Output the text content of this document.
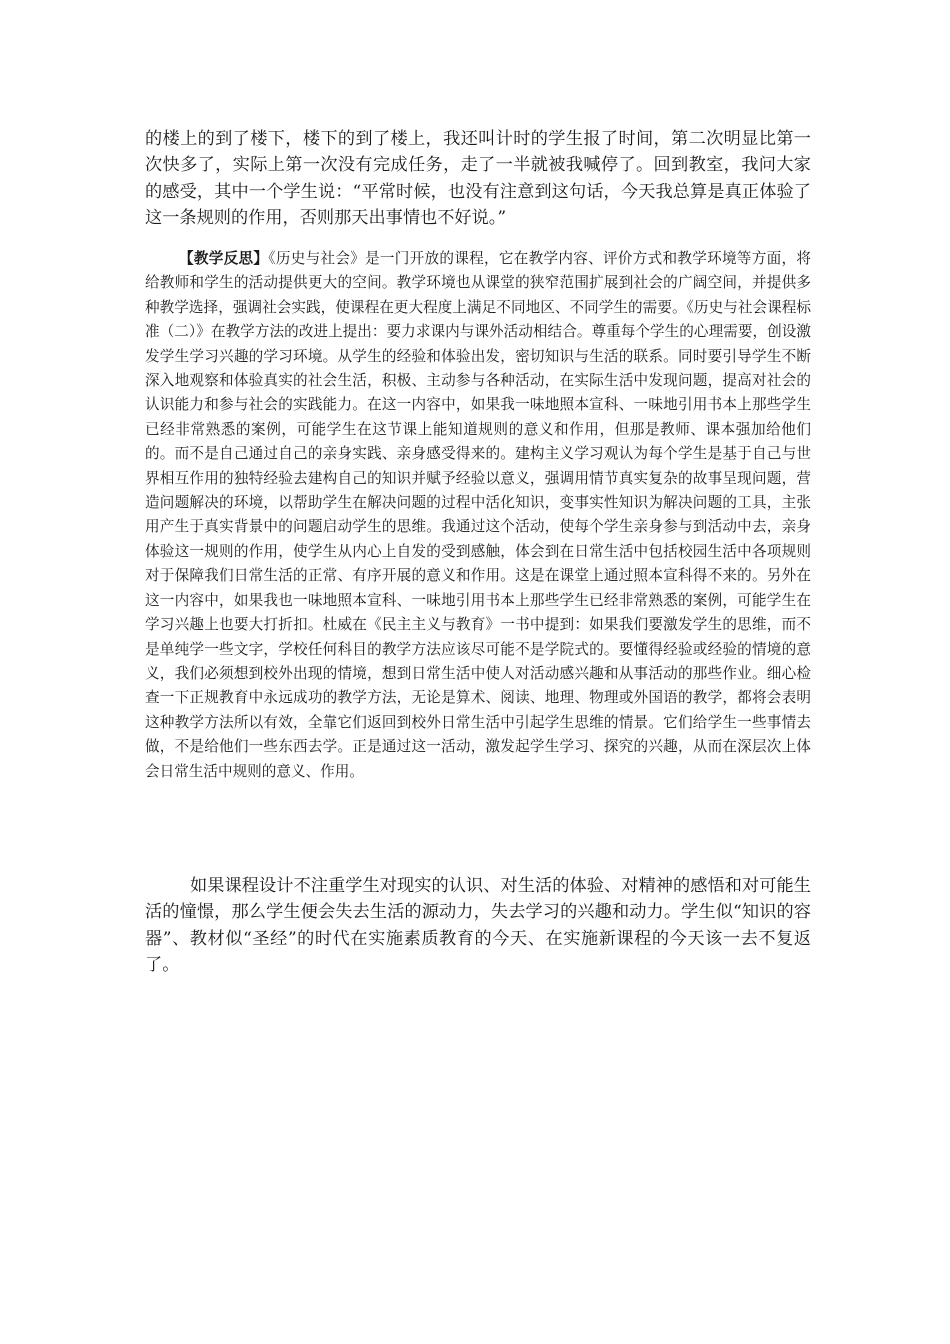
的楼上的到了楼下，楼下的到了楼上，我还叫计时的学生报了时间，第二次明显比第一次快多了，实际上第一次没有完成任务，走了一半就被我喊停了。回到教室，我问大家的感受，其中一个学生说：“平常时候，也没有注意到这句话，今天我总算是真正体验了这一条规则的作用，否则那天出事情也不好说。”

【教学反思】《历史与社会》是一门开放的课程，它在教学内容、评价方式和教学环境等方面，将给教师和学生的活动提供更大的空间。教学环境也从课堂的狭窄范围扩展到社会的广阔空间，并提供多种教学选择，强调社会实践，使课程在更大程度上满足不同地区、不同学生的需要。《历史与社会课程标准（二）》在教学方法的改进上提出：要力求课内与课外活动相结合。尊重每个学生的心理需要，创设激发学生学习兴趣的学习环境。从学生的经验和体验出发，密切知识与生活的联系。同时要引导学生不断深入地观察和体验真实的社会生活，积极、主动参与各种活动，在实际生活中发现问题，提高对社会的认识能力和参与社会的实践能力。在这一内容中，如果我一味地照本宣科、一味地引用书本上那些学生已经非常熟悉的案例，可能学生在这节课上能知道规则的意义和作用，但那是教师、课本强加给他们的。而不是自己通过自己的亲身实践、亲身感受得来的。建构主义学习观认为每个学生是基于自己与世界相互作用的独特经验去建构自己的知识并赋予经验以意义，强调用情节真实复杂的故事呈现问题，营造问题解决的环境，以帮助学生在解决问题的过程中活化知识，变事实性知识为解决问题的工具，主张用产生于真实背景中的问题启动学生的思维。我通过这个活动，使每个学生亲身参与到活动中去，亲身体验这一规则的作用，使学生从内心上自发的受到感触，体会到在日常生活中包括校园生活中各项规则对于保障我们日常生活的正常、有序开展的意义和作用。这是在课堂上通过照本宣科得不来的。另外在这一内容中，如果我也一味地照本宣科、一味地引用书本上那些学生已经非常熟悉的案例，可能学生在学习兴趣上也要大打折扣。杜威在《民主主义与教育》一书中提到：如果我们要激发学生的思维，而不是单纯学一些文字，学校任何科目的教学方法应该尽可能不是学院式的。要懂得经验或经验的情境的意义，我们必须想到校外出现的情境，想到日常生活中使人对活动感兴趣和从事活动的那些作业。细心检查一下正规教育中永远成功的教学方法，无论是算术、阅读、地理、物理或外国语的教学，都将会表明这种教学方法所以有效，全靠它们返回到校外日常生活中引起学生思维的情景。它们给学生一些事情去做，不是给他们一些东西去学。正是通过这一活动，激发起学生学习、探究的兴趣，从而在深层次上体会日常生活中规则的意义、作用。

如果课程设计不注重学生对现实的认识、对生活的体验、对精神的感悟和对可能生活的憧憬，那么学生便会失去生活的源动力，失去学习的兴趣和动力。学生似“知识的容器”、教材似“圣经”的时代在实施素质教育的今天、在实施新课程的今天该一去不复返了。
